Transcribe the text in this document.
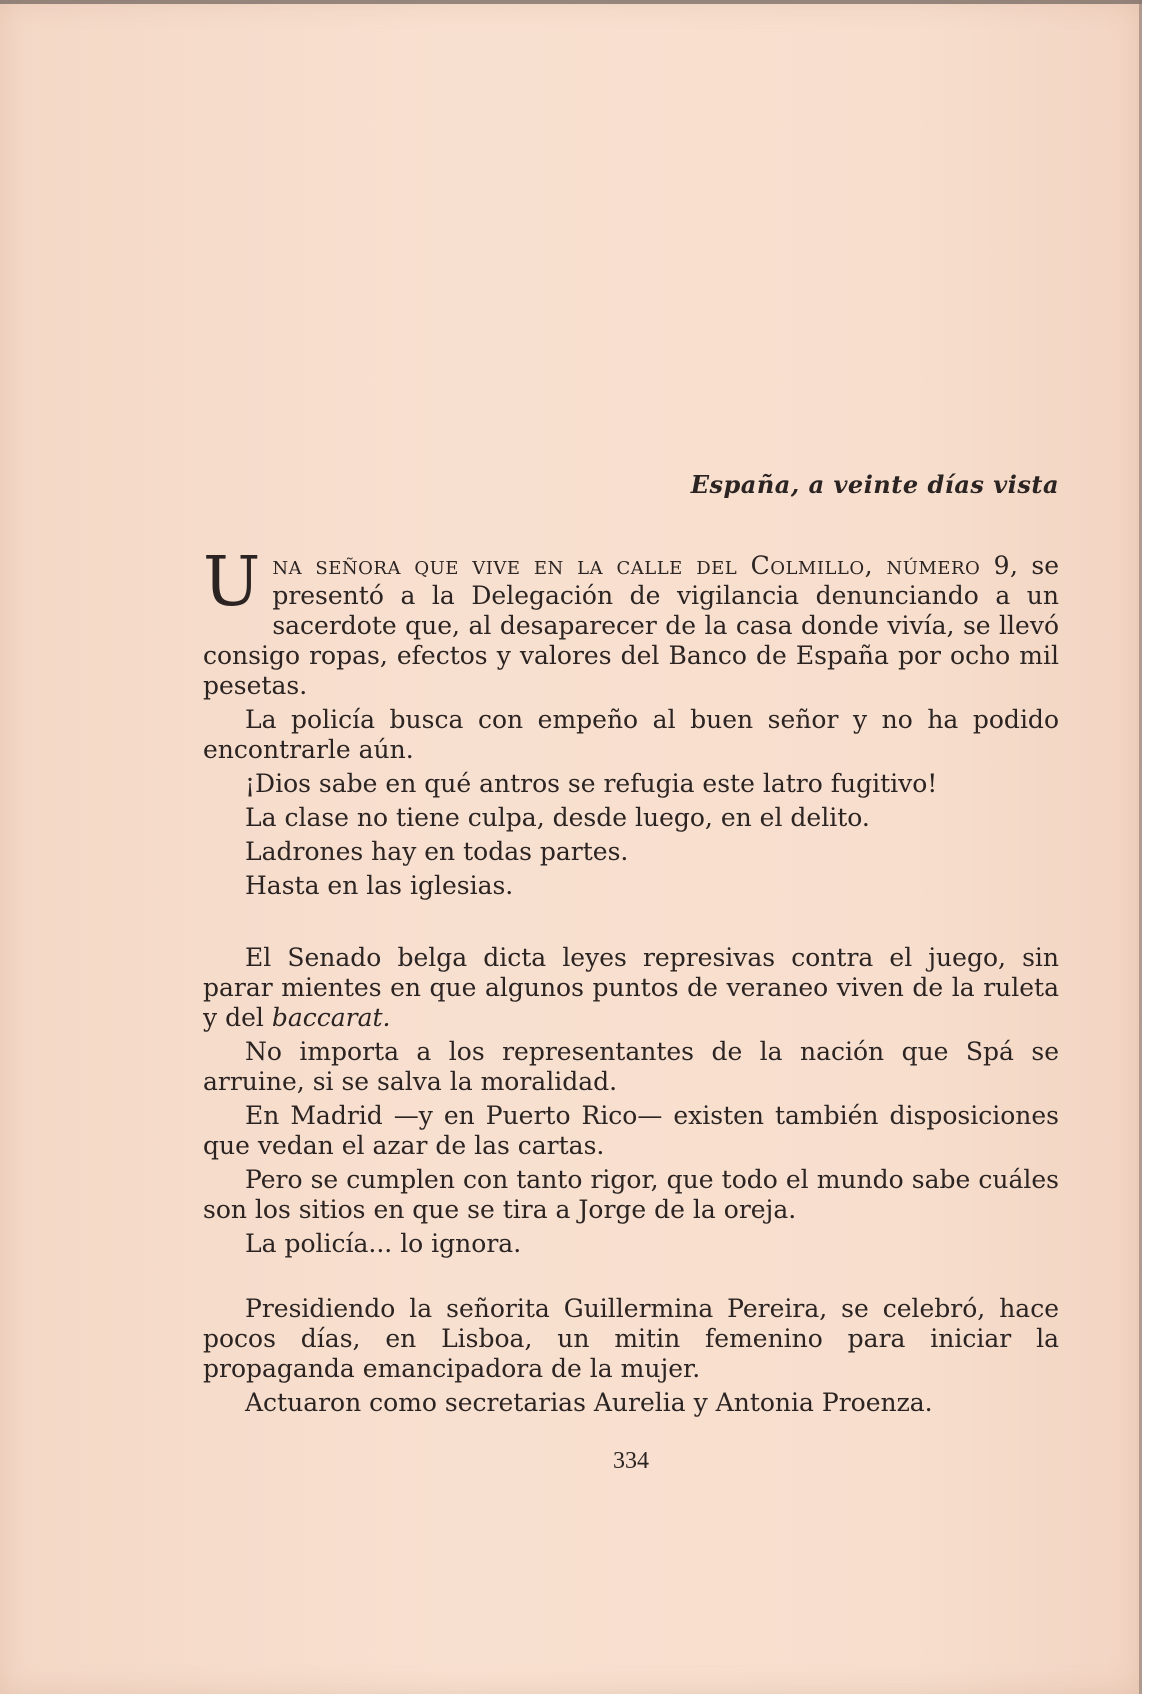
España, a veinte días vista

Una señora que vive en la calle del Colmillo, número 9, se presentó a la Delegación de vigilancia denunciando a un sacerdote que, al desaparecer de la casa donde vivía, se llevó consigo ropas, efectos y valores del Banco de España por ocho mil pesetas.

La policía busca con empeño al buen señor y no ha podido encontrarle aún.

¡Dios sabe en qué antros se refugia este latro fugitivo!

La clase no tiene culpa, desde luego, en el delito.

Ladrones hay en todas partes.

Hasta en las iglesias.

El Senado belga dicta leyes represivas contra el juego, sin parar mientes en que algunos puntos de veraneo viven de la ruleta y del baccarat.

No importa a los representantes de la nación que Spá se arruine, si se salva la moralidad.

En Madrid —y en Puerto Rico— existen también disposiciones que vedan el azar de las cartas.

Pero se cumplen con tanto rigor, que todo el mundo sabe cuáles son los sitios en que se tira a Jorge de la oreja.

La policía... lo ignora.

Presidiendo la señorita Guillermina Pereira, se celebró, hace pocos días, en Lisboa, un mitin femenino para iniciar la propaganda emancipadora de la mujer.

Actuaron como secretarias Aurelia y Antonia Proenza.

334
